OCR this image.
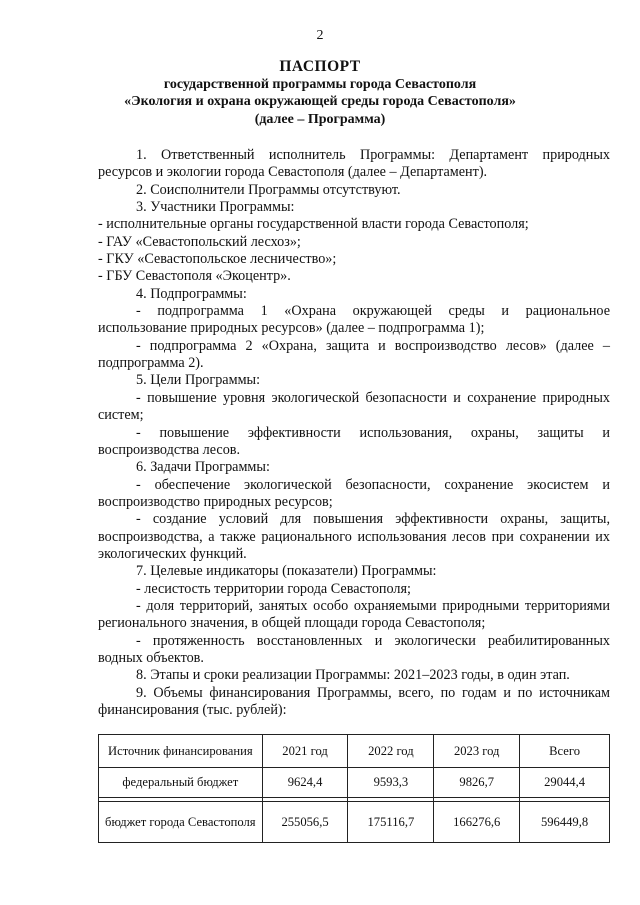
2
ПАСПОРТ
государственной программы города Севастополя
«Экология и охрана окружающей среды города Севастополя»
(далее – Программа)

1. Ответственный исполнитель Программы: Департамент природных ресурсов и экологии города Севастополя (далее – Департамент).

2. Соисполнители Программы отсутствуют.

3. Участники Программы:

- исполнительные органы государственной власти города Севастополя;

- ГАУ «Севастопольский лесхоз»;

- ГКУ «Севастопольское лесничество»;

- ГБУ Севастополя «Экоцентр».

4. Подпрограммы:

- подпрограмма 1 «Охрана окружающей среды и рациональное использование природных ресурсов» (далее – подпрограмма 1);

- подпрограмма 2 «Охрана, защита и воспроизводство лесов» (далее – подпрограмма 2).

5. Цели Программы:

- повышение уровня экологической безопасности и сохранение природных систем;

- повышение эффективности использования, охраны, защиты и воспроизводства лесов.

6. Задачи Программы:

- обеспечение экологической безопасности, сохранение экосистем и воспроизводство природных ресурсов;

- создание условий для повышения эффективности охраны, защиты, воспроизводства, а также рационального использования лесов при сохранении их экологических функций.

7. Целевые индикаторы (показатели) Программы:

- лесистость территории города Севастополя;

- доля территорий, занятых особо охраняемыми природными территориями регионального значения, в общей площади города Севастополя;

- протяженность восстановленных и экологически реабилитированных водных объектов.

8. Этапы и сроки реализации Программы: 2021–2023 годы, в один этап.

9. Объемы финансирования Программы, всего, по годам и по источникам финансирования (тыс. рублей):

Источник финансирования	2021 год	2022 год	2023 год	Всего
федеральный бюджет	9624,4	9593,3	9826,7	29044,4

бюджет города Севастополя	255056,5	175116,7	166276,6	596449,8
